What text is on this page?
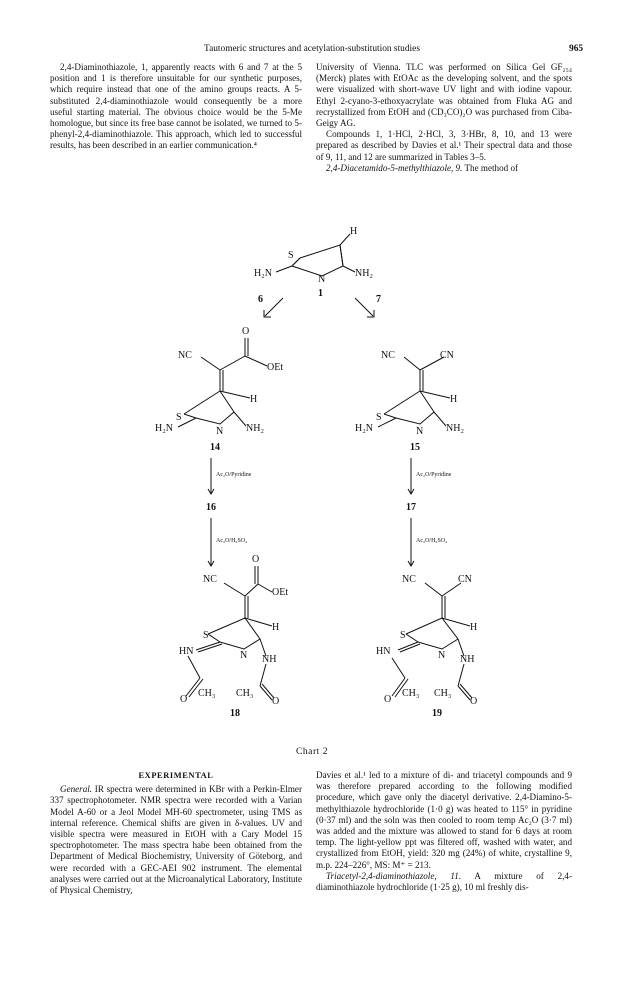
Tautomeric structures and acetylation-substitution studies	965

2,4-Diaminothiazole, 1, apparently reacts with 6 and 7 at the 5 position and 1 is therefore unsuitable for our synthetic purposes, which require instead that one of the amino groups reacts. A 5-substituted 2,4-diaminothiazole would consequently be a more useful starting material. The obvious choice would be the 5-Me homologue, but since its free base cannot be isolated, we turned to 5-phenyl-2,4-diaminothiazole. This approach, which led to successful results, has been described in an earlier communication.⁴

University of Vienna. TLC was performed on Silica Gel GF₂₅₄ (Merck) plates with EtOAc as the developing solvent, and the spots were visualized with short-wave UV light and with iodine vapour. Ethyl 2-cyano-3-ethoxyacrylate was obtained from Fluka AG and recrystallized from EtOH and (CD₃CO)₂O was purchased from Ciba-Geigy AG.

Compounds 1, 1·HCl, 2·HCl, 3, 3·HBr, 8, 10, and 13 were prepared as described by Davies et al.¹ Their spectral data and those of 9, 11, and 12 are summarized in Tables 3–5.

2,4-Diacetamido-5-methylthiazole, 9. The method of

S
H
H₂N
N
NH₂
1
6	7
NC
O
OEt
S
H
H₂N	N NH₂
14
NC	CN
S
H
H₂N	N NH₂
15
Ac₂O/Pyridine
16
Ac₂O/H₂SO₄
Ac₂O/Pyridine
17
Ac₂O/H₂SO₄
NC
O
OEt
S
H
HN	N NH
O
CH₃ CH₃
O
18
NC	CN
S
H
HN	N NH
O
CH₃ CH₃
O
19
Chart 2
EXPERIMENTAL

General. IR spectra were determined in KBr with a Perkin-Elmer 337 spectrophotometer. NMR spectra were recorded with a Varian Model A-60 or a Jeol Model MH-60 spectrometer, using TMS as internal reference. Chemical shifts are given in δ-values. UV and visible spectra were measured in EtOH with a Cary Model 15 spectrophotometer. The mass spectra habe been obtained from the Department of Medical Biochemistry, University of Göteborg, and were recorded with a GEC-AEI 902 instrument. The elemental analyses were carried out at the Microanalytical Laboratory, Institute of Physical Chemistry,

Davies et al.¹ led to a mixture of di- and triacetyl compounds and 9 was therefore prepared according to the following modified procedure, which gave only the diacetyl derivative. 2,4-Diamino-5-methylthiazole hydrochloride (1·0 g) was heated to 115° in pyridine (0·37 ml) and the soln was then cooled to room temp Ac₂O (3·7 ml) was added and the mixture was allowed to stand for 6 days at room temp. The light-yellow ppt was filtered off, washed with water, and crystallized from EtOH, yield: 320 mg (24%) of white, crystalline 9, m.p. 224–226°, MS: M⁺ = 213.

Triacetyl-2,4-diaminothiazole, 11. A mixture of 2,4-diaminothiazole hydrochloride (1·25 g), 10 ml freshly dis-
